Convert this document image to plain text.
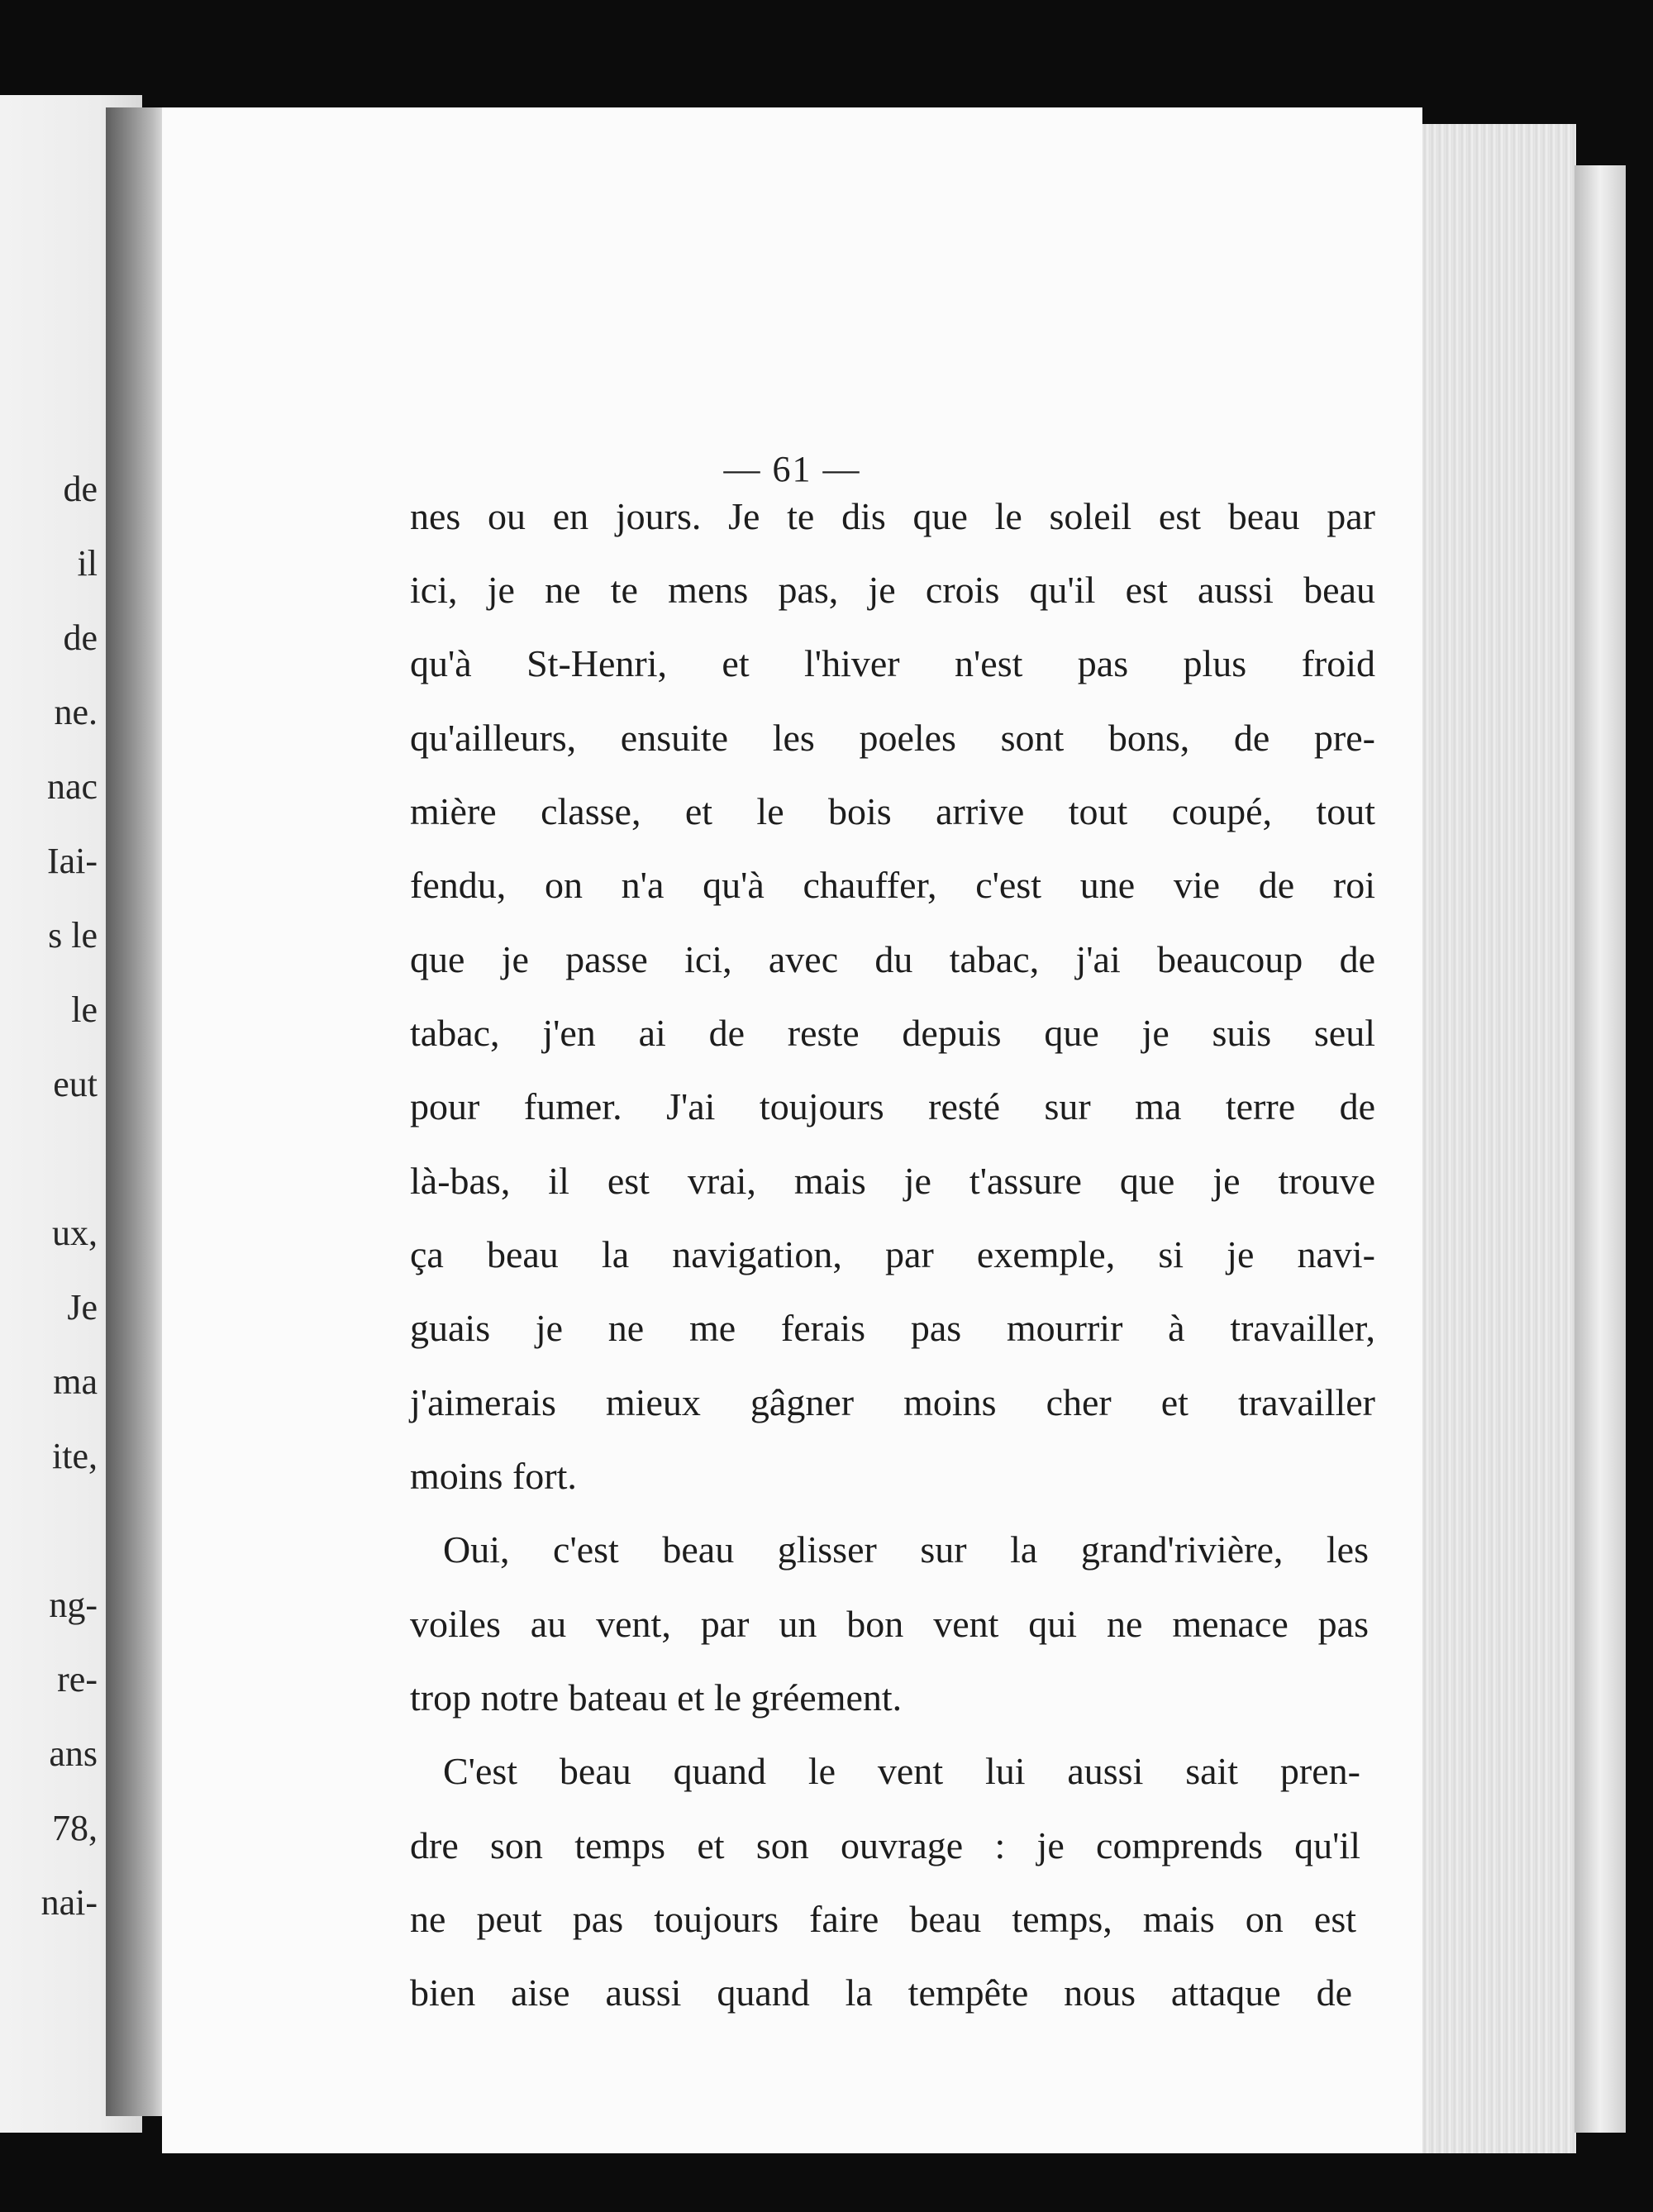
de
il
de
ne.
nac
Iai-
s le
le
eut
ux,
Je
ma
ite,
ng-
re-
ans
78,
nai-
— 61 —
nes ou en jours. Je te dis que le soleil est beau par
ici, je ne te mens pas, je crois qu'il est aussi beau
qu'à St-Henri, et l'hiver n'est pas plus froid
qu'ailleurs, ensuite les poeles sont bons, de pre-
mière classe, et le bois arrive tout coupé, tout
fendu, on n'a qu'à chauffer, c'est une vie de roi
que je passe ici, avec du tabac, j'ai beaucoup de
tabac, j'en ai de reste depuis que je suis seul
pour fumer. J'ai toujours resté sur ma terre de
là-bas, il est vrai, mais je t'assure que je trouve
ça beau la navigation, par exemple, si je navi-
guais je ne me ferais pas mourrir à travailler,
j'aimerais mieux gâgner moins cher et travailler
moins fort.
Oui, c'est beau glisser sur la grand'rivière, les
voiles au vent, par un bon vent qui ne menace pas
trop notre bateau et le gréement.
C'est beau quand le vent lui aussi sait pren-
dre son temps et son ouvrage : je comprends qu'il
ne peut pas toujours faire beau temps, mais on est
bien aise aussi quand la tempête nous attaque de
